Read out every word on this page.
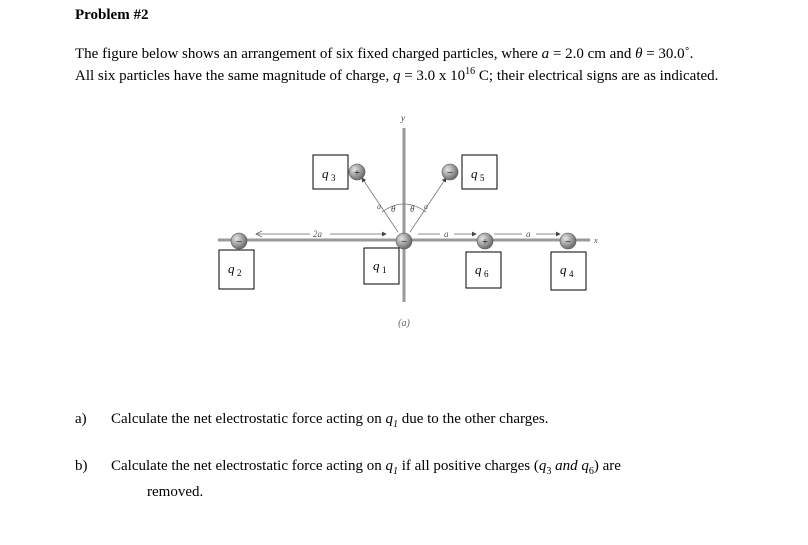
Problem #2
The figure below shows an arrangement of six fixed charged particles, where a = 2.0 cm and θ = 30.0˚.
All six particles have the same magnitude of charge, q = 3.0 x $10^{16}$ C; their electrical signs are as indicated.
x
y
2a	a	a
a	a
θ θ
−
−	+	−
+	−
q 3	q 5
q 2	q 1	q 6	q 4
(a)
a) Calculate the net electrostatic force acting on $q_1$ due to the other charges.
b) Calculate the net electrostatic force acting on $q_1$ if all positive charges ($q_3$ and $q_6$) are
removed.
